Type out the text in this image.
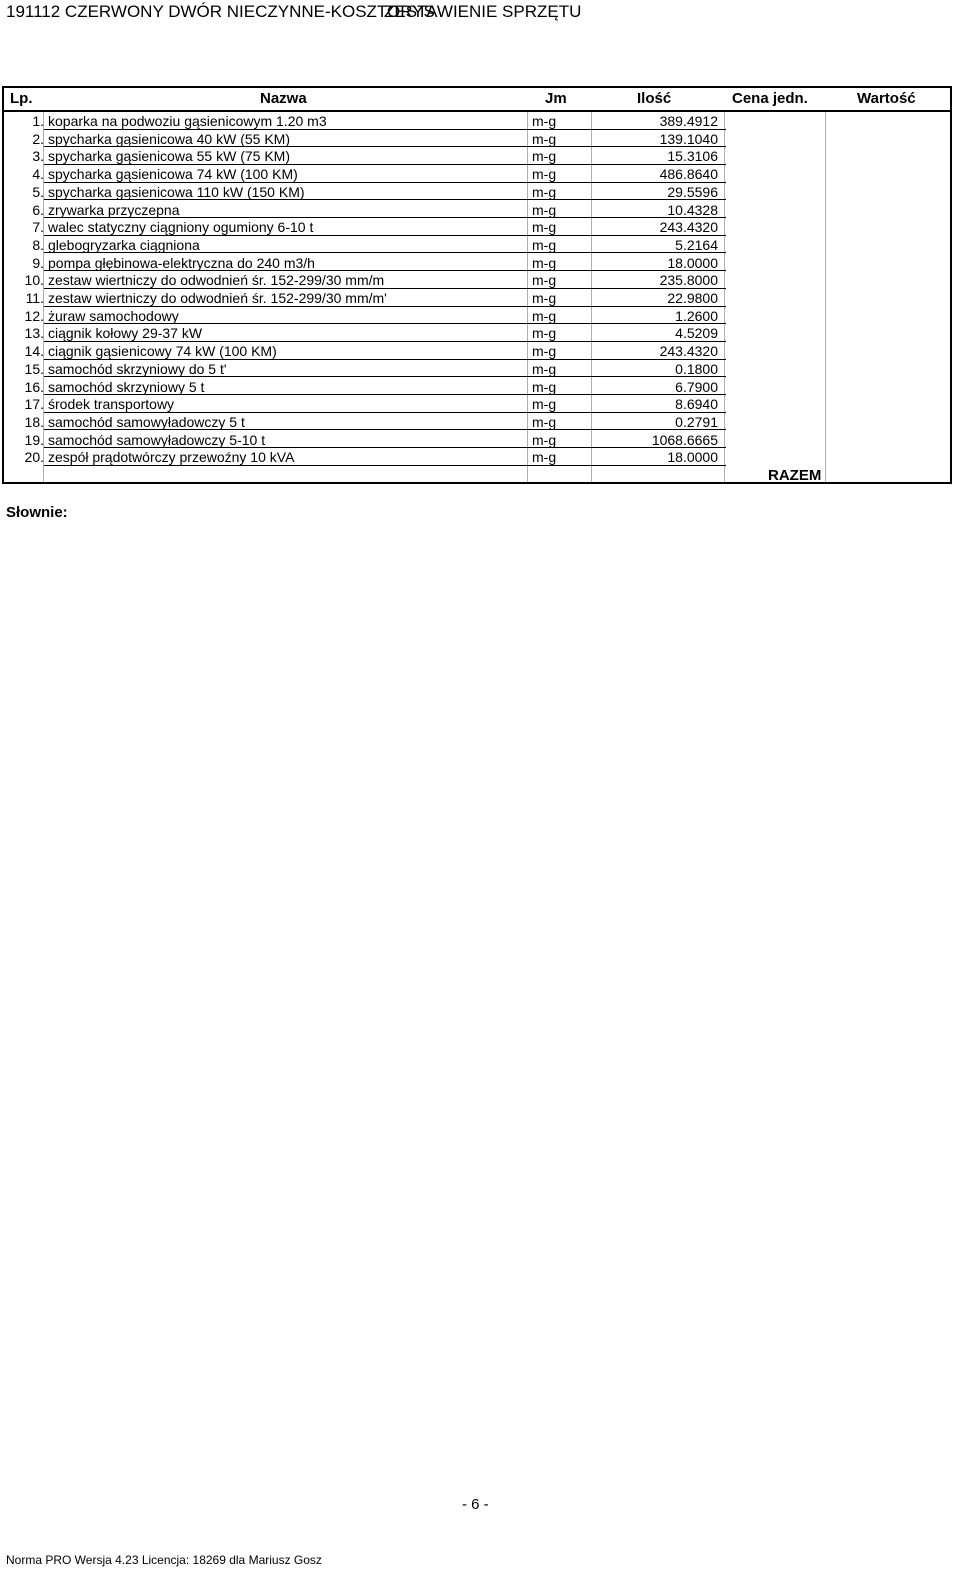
191112 CZERWONY DWÓR NIECZYNNE-KOSZTORYS
ZESTAWIENIE SPRZĘTU
Lp.	Nazwa	Jm	Ilość	Cena jedn.	Wartość
1. koparka na podwoziu gąsienicowym 1.20 m3	m-g	389.4912
2. spycharka gąsienicowa 40 kW (55 KM)	m-g	139.1040
3. spycharka gąsienicowa 55 kW (75 KM)	m-g	15.3106
4. spycharka gąsienicowa 74 kW (100 KM)	m-g	486.8640
5. spycharka gąsienicowa 110 kW (150 KM)	m-g	29.5596
6. zrywarka przyczepna	m-g	10.4328
7. walec statyczny ciągniony ogumiony 6-10 t	m-g	243.4320
8. glebogryzarka ciągniona	m-g	5.2164
9. pompa głębinowa-elektryczna do 240 m3/h	m-g	18.0000
10. zestaw wiertniczy do odwodnień śr. 152-299/30 mm/m	m-g	235.8000
11. zestaw wiertniczy do odwodnień śr. 152-299/30 mm/m'	m-g	22.9800
12. żuraw samochodowy	m-g	1.2600
13. ciągnik kołowy 29-37 kW	m-g	4.5209
14. ciągnik gąsienicowy 74 kW (100 KM)	m-g	243.4320
15. samochód skrzyniowy do 5 t'	m-g	0.1800
16. samochód skrzyniowy 5 t	m-g	6.7900
17. środek transportowy	m-g	8.6940
18. samochód samowyładowczy 5 t	m-g	0.2791
19. samochód samowyładowczy 5-10 t	m-g	1068.6665
20. zespół prądotwórczy przewoźny 10 kVA	m-g	18.0000
RAZEM
Słownie:
- 6 -
Norma PRO Wersja 4.23 Licencja: 18269 dla Mariusz Gosz
